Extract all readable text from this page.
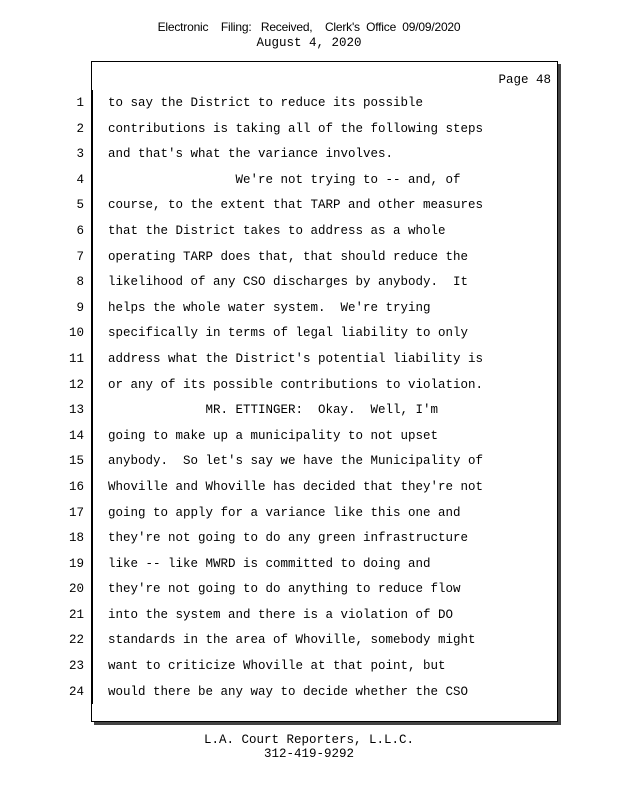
Electronic    Filing:   Received,    Clerk's  Office  09/09/2020
August 4, 2020
Page 48
1
2
3
4
5
6
7
8
9
10
11
12
13
14
15
16
17
18
19
20
21
22
23
24
to say the District to reduce its possible
contributions is taking all of the following steps
and that's what the variance involves.
We're not trying to -- and, of
course, to the extent that TARP and other measures
that the District takes to address as a whole
operating TARP does that, that should reduce the
likelihood of any CSO discharges by anybody.  It
helps the whole water system.  We're trying
specifically in terms of legal liability to only
address what the District's potential liability is
or any of its possible contributions to violation.
MR. ETTINGER:  Okay.  Well, I'm
going to make up a municipality to not upset
anybody.  So let's say we have the Municipality of
Whoville and Whoville has decided that they're not
going to apply for a variance like this one and
they're not going to do any green infrastructure
like -- like MWRD is committed to doing and
they're not going to do anything to reduce flow
into the system and there is a violation of DO
standards in the area of Whoville, somebody might
want to criticize Whoville at that point, but
would there be any way to decide whether the CSO
L.A. Court Reporters, L.L.C.
312-419-9292
